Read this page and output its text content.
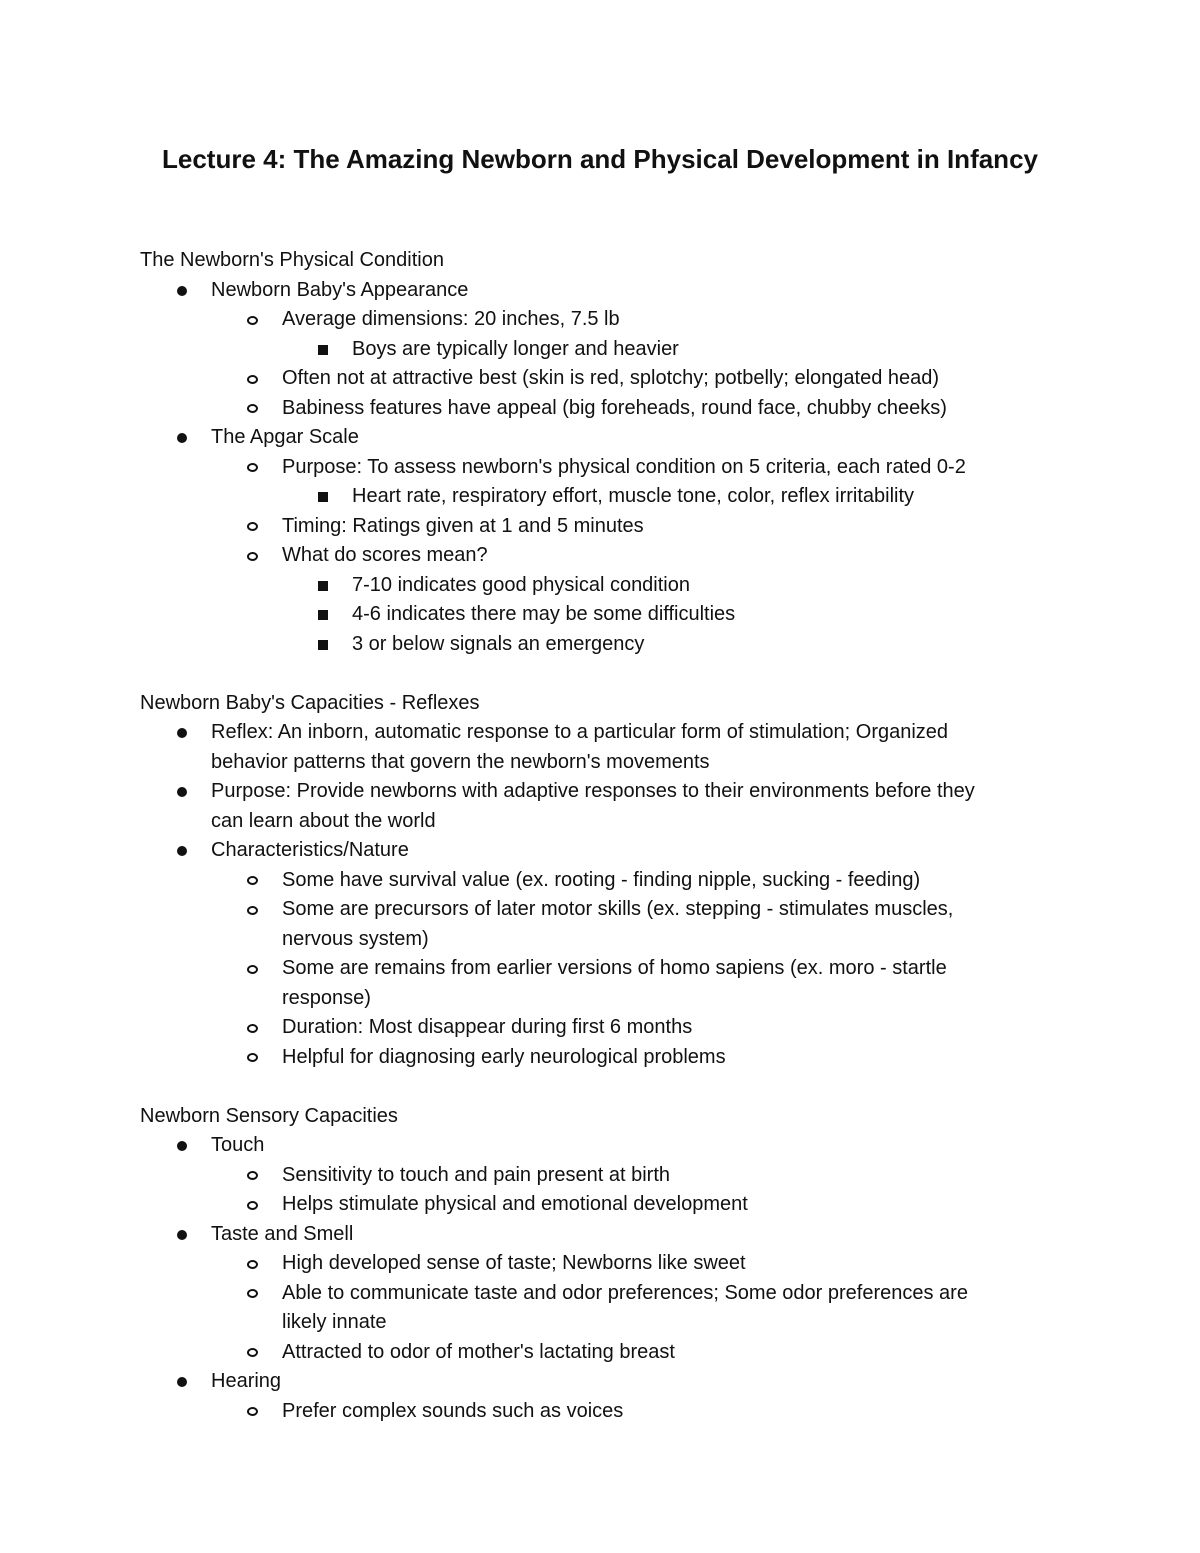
Lecture 4: The Amazing Newborn and Physical Development in Infancy

The Newborn's Physical Condition

Newborn Baby's Appearance

Average dimensions: 20 inches, 7.5 lb

Boys are typically longer and heavier

Often not at attractive best (skin is red, splotchy; potbelly; elongated head)

Babiness features have appeal (big foreheads, round face, chubby cheeks)

The Apgar Scale

Purpose: To assess newborn's physical condition on 5 criteria, each rated 0-2

Heart rate, respiratory effort, muscle tone, color, reflex irritability

Timing: Ratings given at 1 and 5 minutes

What do scores mean?

7-10 indicates good physical condition

4-6 indicates there may be some difficulties

3 or below signals an emergency

Newborn Baby's Capacities - Reflexes

Reflex: An inborn, automatic response to a particular form of stimulation; Organized

behavior patterns that govern the newborn's movements

Purpose: Provide newborns with adaptive responses to their environments before they

can learn about the world

Characteristics/Nature

Some have survival value (ex. rooting - finding nipple, sucking - feeding)

Some are precursors of later motor skills (ex. stepping - stimulates muscles,

nervous system)

Some are remains from earlier versions of homo sapiens (ex. moro - startle

response)

Duration: Most disappear during first 6 months

Helpful for diagnosing early neurological problems

Newborn Sensory Capacities

Touch

Sensitivity to touch and pain present at birth

Helps stimulate physical and emotional development

Taste and Smell

High developed sense of taste; Newborns like sweet

Able to communicate taste and odor preferences; Some odor preferences are

likely innate

Attracted to odor of mother's lactating breast

Hearing

Prefer complex sounds such as voices
